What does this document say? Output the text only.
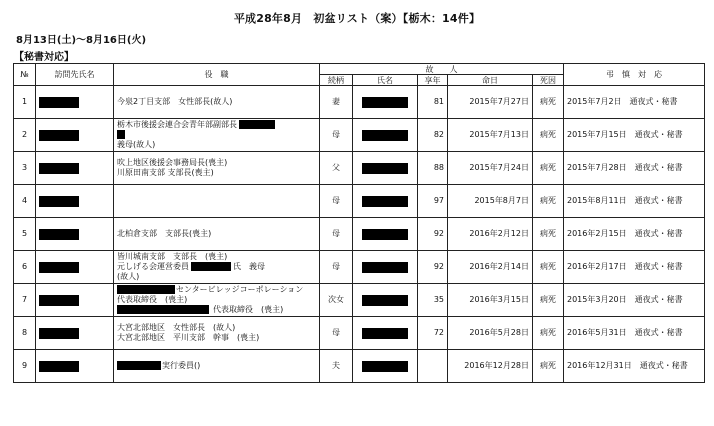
平成28年8月　初盆リスト（案）【栃木：14件】
8月13日(土)～8月16日(火)
【秘書対応】
№	訪問先氏名	役　職	故　　人					弔　慎　対　応
			続柄	氏名	享年	命日	死因	
1		今泉2丁目支部　女性部長(故人)	妻		81	2015年7月27日	病死	2015年7月2日　通夜式・秘書
2		栃木市後援会連合会青年部副部長
義母(故人)	母		82	2015年7月13日	病死	2015年7月15日　通夜式・秘書
3		吹上地区後援会事務局長(喪主)
川原田南支部 支部長(喪主)	父		88	2015年7月24日	病死	2015年7月28日　通夜式・秘書
4			母		97	2015年8月7日	病死	2015年8月11日　通夜式・秘書
5		北柏倉支部　支部長(喪主)	母		92	2016年2月12日	病死	2016年2月15日　通夜式・秘書
6		皆川城南支部　支部長　(喪主)
元しげる会運営委員 氏　義母
(故人)	母		92	2016年2月14日	病死	2016年2月17日　通夜式・秘書
7		センタービレッジコーポレーション
代表取締役　(喪主)
代表取締役　(喪主)	次女		35	2016年3月15日	病死	2015年3月20日　通夜式・秘書
8		大宮北部地区　女性部長　(故人)
大宮北部地区　平川支部　幹事　(喪主)	母		72	2016年5月28日	病死	2016年5月31日　通夜式・秘書
9		実行委員()	夫			2016年12月28日	病死	2016年12月31日　通夜式・秘書
